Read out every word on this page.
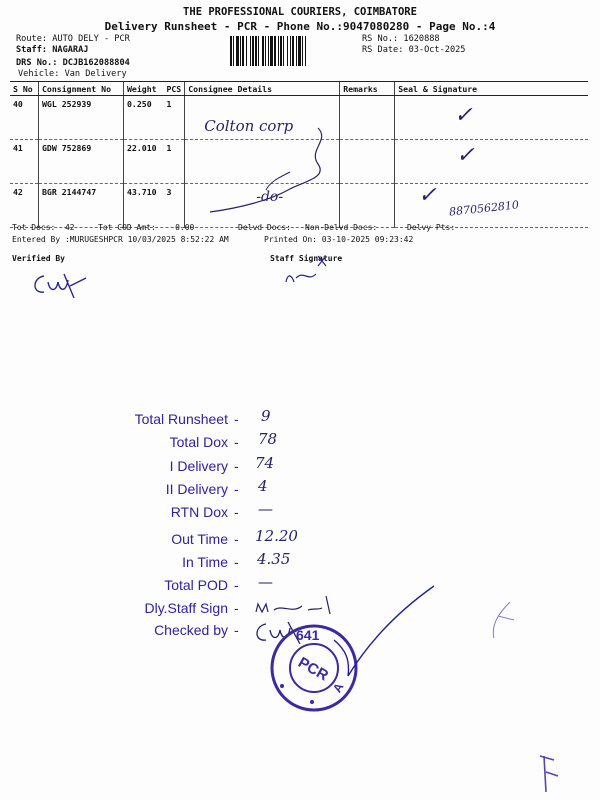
THE PROFESSIONAL COURIERS, COIMBATORE
Delivery Runsheet - PCR - Phone No.:9047080280 - Page No.:4
Route: AUTO DELY - PCR
Staff: NAGARAJ
DRS No.: DCJB162088804
Vehicle: Van Delivery
RS No.: 1620888
RS Date: 03-Oct-2025
S No	Consignment No	Weight PCS	Consignee Details	Remarks	Seal & Signature
40	WGL 252939	0.250 1	Colton corp		✓
41	GDW 752869	22.010 1			✓
42	BGR 2144747	43.710 3	-do-		✓8870562810
Tot Docs:  42	Tot COD Amt:    0.00	Delvd Docs: Non-Delvd Docs:	Delvy Pts:
Entered By :MURUGESHPCR 10/03/2025 8:52:22 AM	Printed On: 03-10-2025 09:23:42
Verified By	Staff Signature
Total Runsheet -	9
Total Dox -	78
I Delivery -	74
II Delivery -	4
RTN Dox -	—
Out Time -	12.20
In Time -	4.35
Total POD -	—
Dly.Staff Sign -
Checked by -
PCR
641
A
